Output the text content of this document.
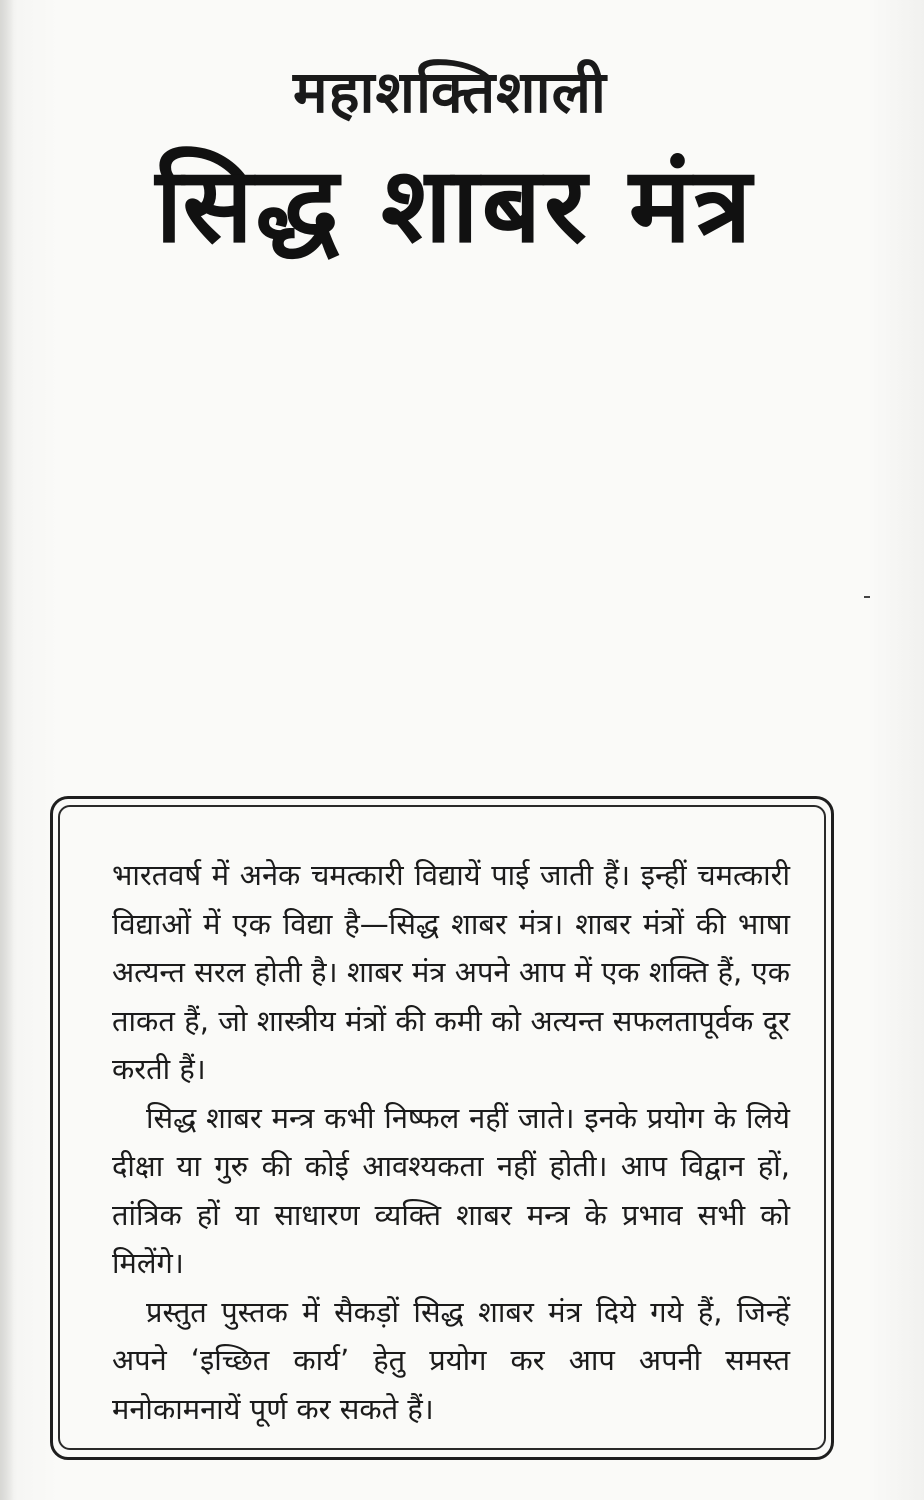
महाशक्तिशाली
सिद्ध शाबर मंत्र

भारतवर्ष में अनेक चमत्कारी विद्यायें पाई जाती हैं। इन्हीं चमत्कारी विद्याओं में एक विद्या है—सिद्ध शाबर मंत्र। शाबर मंत्रों की भाषा अत्यन्त सरल होती है। शाबर मंत्र अपने आप में एक शक्ति हैं, एक ताकत हैं, जो शास्त्रीय मंत्रों की कमी को अत्यन्त सफलतापूर्वक दूर करती हैं।

सिद्ध शाबर मन्त्र कभी निष्फल नहीं जाते। इनके प्रयोग के लिये दीक्षा या गुरु की कोई आवश्यकता नहीं होती। आप विद्वान हों, तांत्रिक हों या साधारण व्यक्ति शाबर मन्त्र के प्रभाव सभी को मिलेंगे।

प्रस्तुत पुस्तक में सैकड़ों सिद्ध शाबर मंत्र दिये गये हैं, जिन्हें अपने ‘इच्छित कार्य’ हेतु प्रयोग कर आप अपनी समस्त मनोकामनायें पूर्ण कर सकते हैं।
